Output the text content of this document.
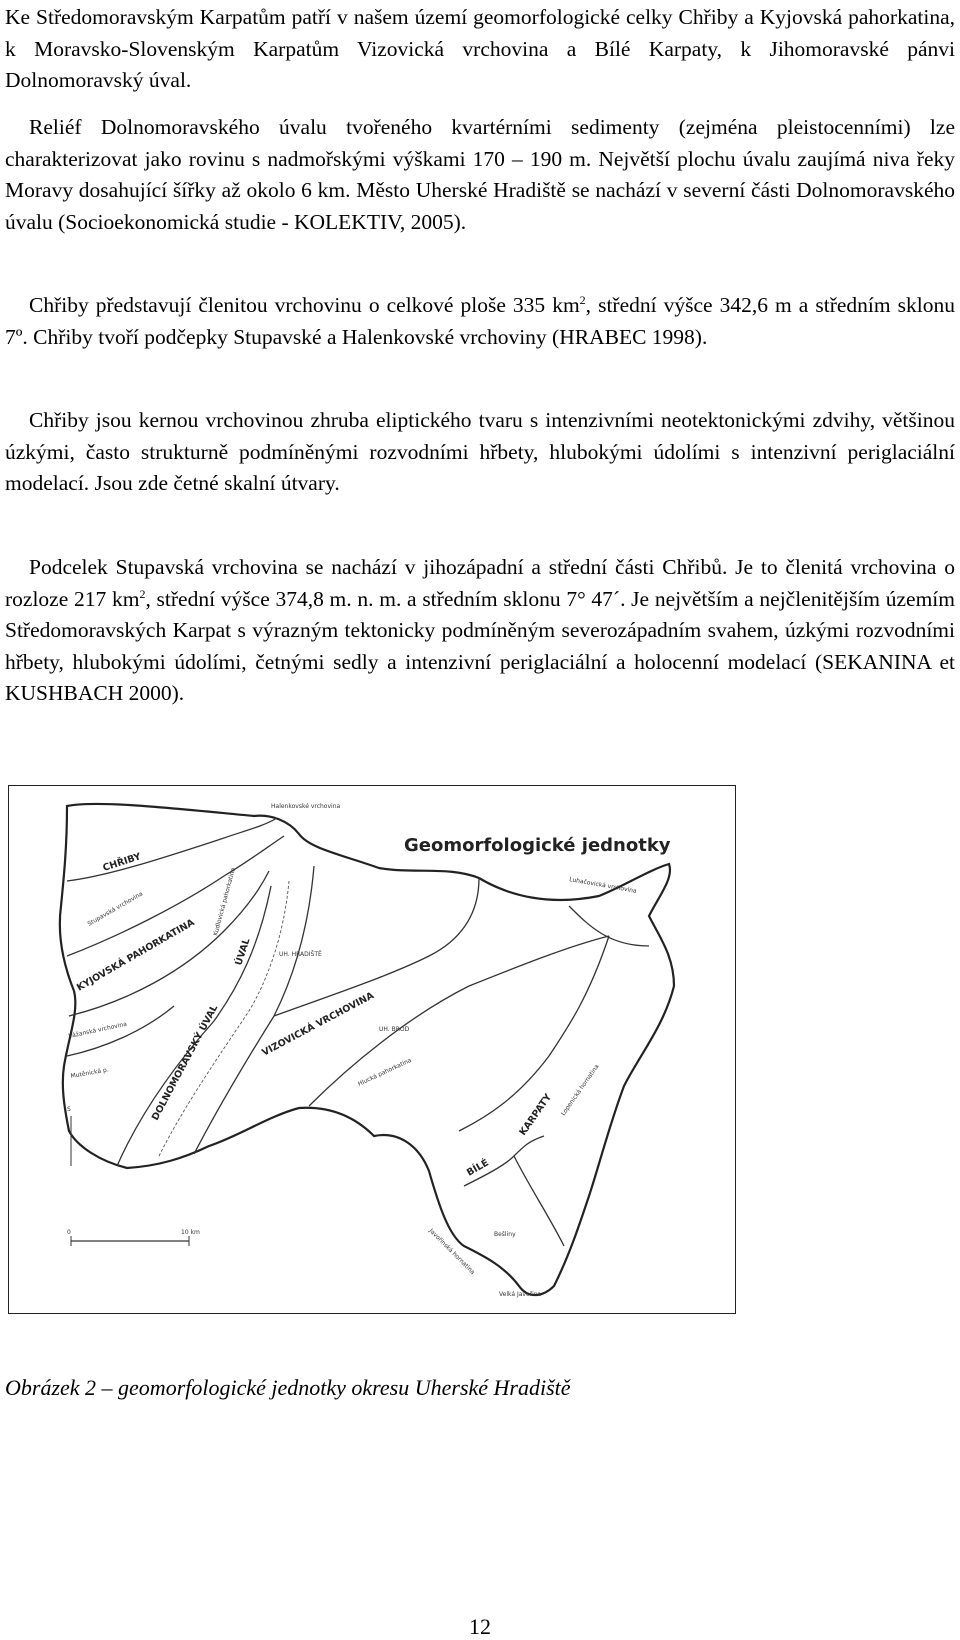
Ke Středomoravským Karpatům patří v našem území geomorfologické celky Chřiby a Kyjovská pahorkatina, k Moravsko-Slovenským Karpatům Vizovická vrchovina a Bílé Karpaty, k Jihomoravské pánvi Dolnomoravský úval.

Reliéf Dolnomoravského úvalu tvořeného kvartérními sedimenty (zejména pleistocenními) lze charakterizovat jako rovinu s nadmořskými výškami 170 – 190 m. Největší plochu úvalu zaujímá niva řeky Moravy dosahující šířky až okolo 6 km. Město Uherské Hradiště se nachází v severní části Dolnomoravského úvalu (Socioekonomická studie - KOLEKTIV, 2005).

Chřiby představují členitou vrchovinu o celkové ploše 335 $km^2$, střední výšce 342,6 m a středním sklonu 7º. Chřiby tvoří podčepky Stupavské a Halenkovské vrchoviny (HRABEC 1998).

Chřiby jsou kernou vrchovinou zhruba eliptického tvaru s intenzivními neotektonickými zdvihy, většinou úzkými, často strukturně podmíněnými rozvodními hřbety, hlubokými údolími s intenzivní periglaciální modelací. Jsou zde četné skalní útvary.

Podcelek Stupavská vrchovina se nachází v jihozápadní a střední části Chřibů. Je to členitá vrchovina o rozloze 217 $km^2$, střední výšce 374,8 m. n. m. a středním sklonu 7° 47´. Je největším a nejčlenitějším územím Středomoravských Karpat s výrazným tektonicky podmíněným severozápadním svahem, úzkými rozvodními hřbety, hlubokými údolími, četnými sedly a intenzivní periglaciální a holocenní modelací (SEKANINA et KUSHBACH 2000).

Geomorfologické jednotky
Halenkovské vrchovina
CHŘIBY
Stupavská vrchovina
KYJOVSKÁ PAHORKATINA
Vážanská vrchovina
Mutěnická p.
Kudlovická pahorkatina
DOLNOMORAVSKÝ ÚVAL
ÚVAL	UH. HRADIŠTĚ
VIZOVICKÁ VRCHOVINA
Luhačovická vrchovina
UH. BROD
Hlucká pahorkatina
BÍLÉ
KARPATY Lopenická hornatina
Javořinská hornatina	Bešliny
Velká Javořina
S
0	10 km
Obrázek 2 – geomorfologické jednotky okresu Uherské Hradiště
12
